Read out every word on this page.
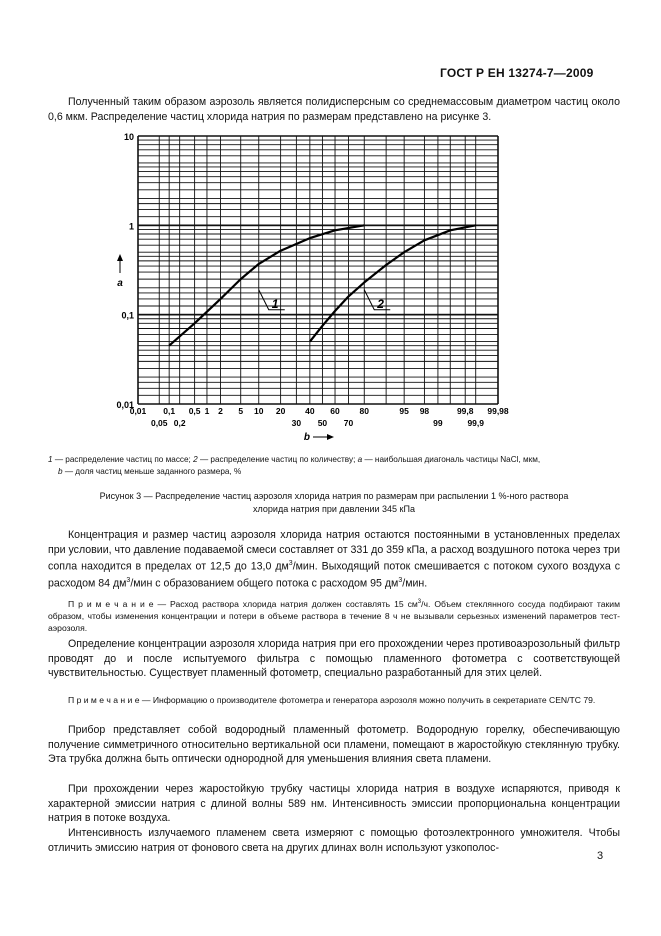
ГОСТ Р ЕН 13274-7—2009

Полученный таким образом аэрозоль является полидисперсным со среднемассовым диаметром частиц около 0,6 мкм. Распределение частиц хлорида натрия по размерам представлено на рисунке 3.

10
1
0,1
0,01
a
0,01 0,1 0,5 1 2 5 10 20 40 60 80	95 98	99,8 99,98
0,05 0,2	30 50 70	99	99,9
b
1	2
1 — распределение частиц по массе; 2 — распределение частиц по количеству; а — наибольшая диагональ частицы NaCl, мкм,
b — доля частиц меньше заданного размера, %
Рисунок 3 — Распределение частиц аэрозоля хлорида натрия по размерам при распылении 1 %-ного раствора
хлорида натрия при давлении 345 кПа

Концентрация и размер частиц аэрозоля хлорида натрия остаются постоянными в установленных пределах при условии, что давление подаваемой смеси составляет от 331 до 359 кПа, а расход воздушного потока через три сопла находится в пределах от 12,5 до 13,0 $дм^3$/мин. Выходящий поток смешивается с потоком сухого воздуха с расходом 84 $дм^3$/мин с образованием общего потока с расходом 95 $дм^3$/мин.

П р и м е ч а н и е — Расход раствора хлорида натрия должен составлять 15 $см^3/ч$. Объем стеклянного сосуда подбирают таким образом, чтобы изменения концентрации и потери в объеме раствора в течение 8 ч не вызывали серьезных изменений параметров тест-аэрозоля.

Определение концентрации аэрозоля хлорида натрия при его прохождении через противоаэрозольный фильтр проводят до и после испытуемого фильтра с помощью пламенного фотометра с соответствующей чувствительностью. Существует пламенный фотометр, специально разработанный для этих целей.

П р и м е ч а н и е — Информацию о производителе фотометра и генератора аэрозоля можно получить в секретариате CEN/TC 79.

Прибор представляет собой водородный пламенный фотометр. Водородную горелку, обеспечивающую получение симметричного относительно вертикальной оси пламени, помещают в жаростойкую стеклянную трубку. Эта трубка должна быть оптически однородной для уменьшения влияния света пламени.

При прохождении через жаростойкую трубку частицы хлорида натрия в воздухе испаряются, приводя к характерной эмиссии натрия с длиной волны 589 нм. Интенсивность эмиссии пропорциональна концентрации натрия в потоке воздуха.

Интенсивность излучаемого пламенем света измеряют с помощью фотоэлектронного умножителя. Чтобы отличить эмиссию натрия от фонового света на других длинах волн используют узкополос-

3
